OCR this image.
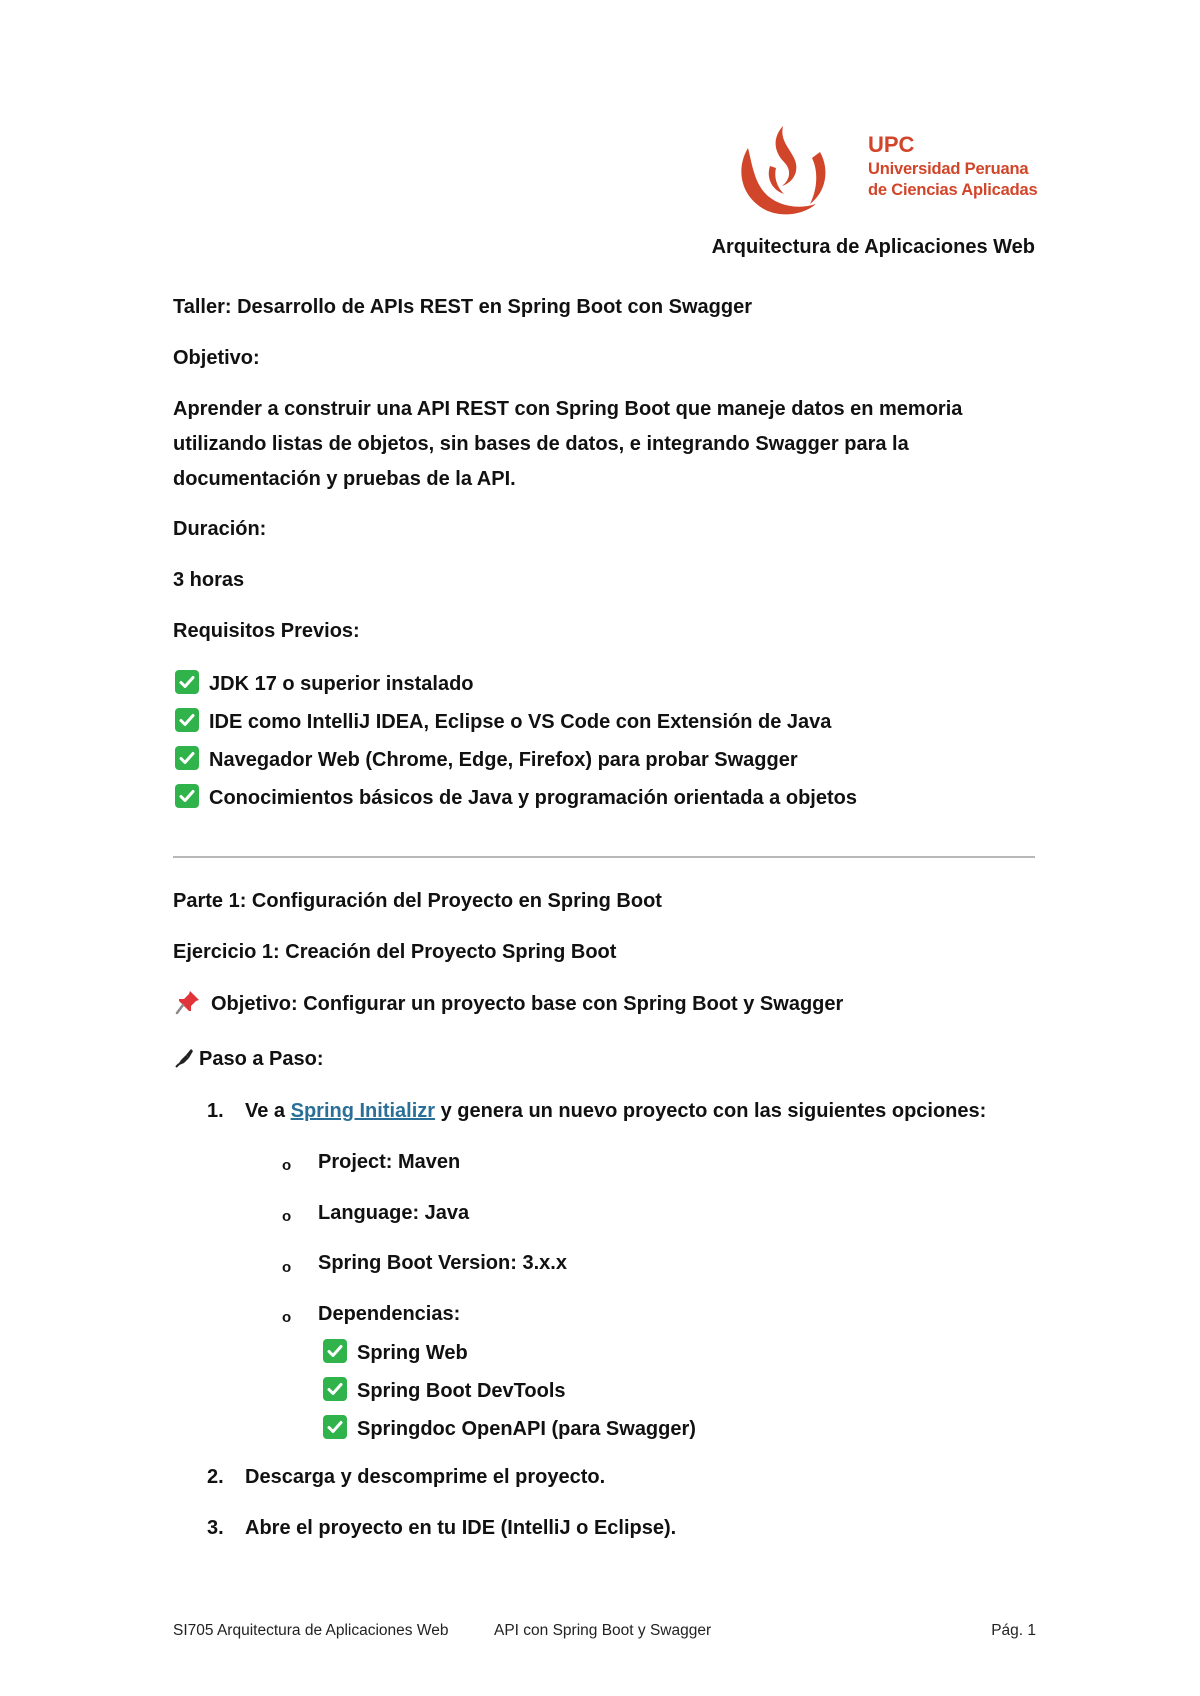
UPC
Universidad Peruana
de Ciencias Aplicadas
Arquitectura de Aplicaciones Web
Taller: Desarrollo de APIs REST en Spring Boot con Swagger
Objetivo:
Aprender a construir una API REST con Spring Boot que maneje datos en memoria
utilizando listas de objetos, sin bases de datos, e integrando Swagger para la
documentación y pruebas de la API.
Duración:
3 horas
Requisitos Previos:
JDK 17 o superior instalado
IDE como IntelliJ IDEA, Eclipse o VS Code con Extensión de Java
Navegador Web (Chrome, Edge, Firefox) para probar Swagger
Conocimientos básicos de Java y programación orientada a objetos
Parte 1: Configuración del Proyecto en Spring Boot
Ejercicio 1: Creación del Proyecto Spring Boot
Objetivo: Configurar un proyecto base con Spring Boot y Swagger
Paso a Paso:
1. Ve a Spring Initializr y genera un nuevo proyecto con las siguientes opciones:
o Project: Maven
o Language: Java
o Spring Boot Version: 3.x.x
o Dependencias:
Spring Web
Spring Boot DevTools
Springdoc OpenAPI (para Swagger)
2. Descarga y descomprime el proyecto.
3. Abre el proyecto en tu IDE (IntelliJ o Eclipse).
SI705 Arquitectura de Aplicaciones Web	API con Spring Boot y Swagger	Pág. 1
